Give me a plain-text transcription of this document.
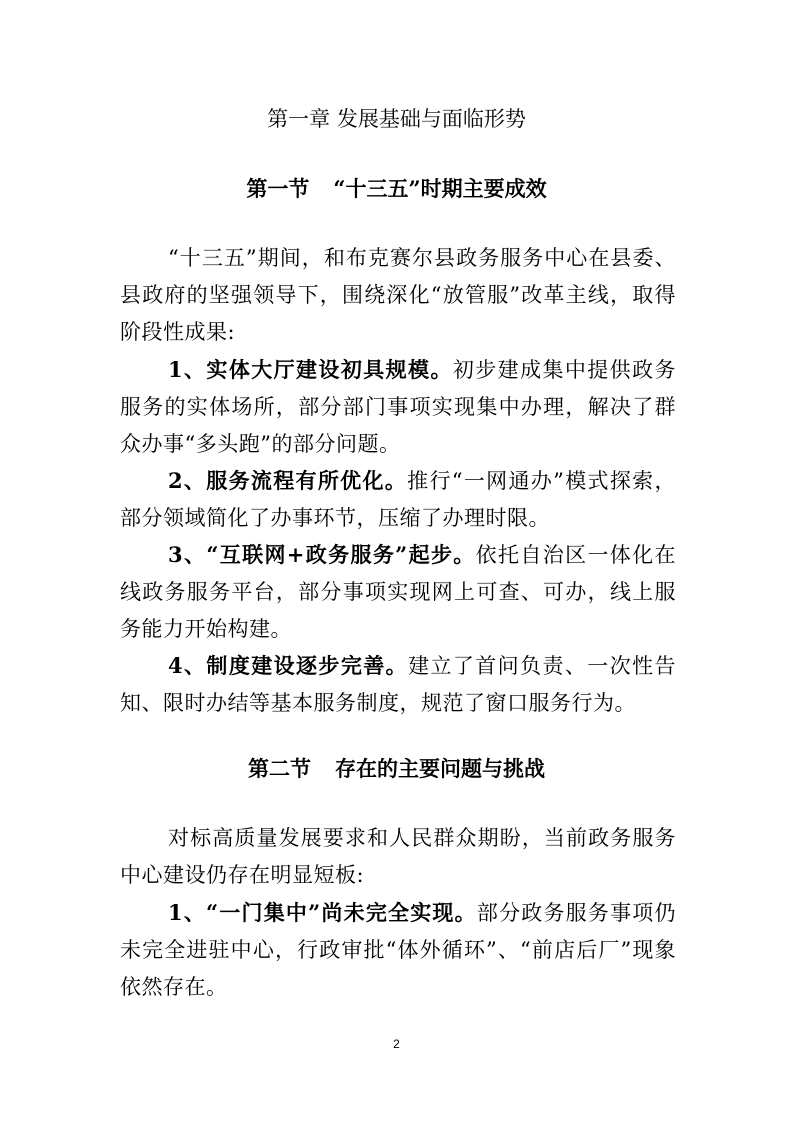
第一章 发展基础与面临形势
第一节 “十三五”时期主要成效

“十三五”期间，和布克赛尔县政务服务中心在县委、县政府的坚强领导下，围绕深化“放管服”改革主线，取得阶段性成果:

1、实体大厅建设初具规模。初步建成集中提供政务服务的实体场所，部分部门事项实现集中办理，解决了群众办事“多头跑”的部分问题。

2、服务流程有所优化。推行“一网通办”模式探索，部分领域简化了办事环节，压缩了办理时限。

3、“互联网+政务服务”起步。依托自治区一体化在线政务服务平台，部分事项实现网上可查、可办，线上服务能力开始构建。

4、制度建设逐步完善。建立了首问负责、一次性告知、限时办结等基本服务制度，规范了窗口服务行为。

第二节 存在的主要问题与挑战

对标高质量发展要求和人民群众期盼，当前政务服务中心建设仍存在明显短板:

1、“一门集中”尚未完全实现。部分政务服务事项仍未完全进驻中心，行政审批“体外循环”、“前店后厂”现象依然存在。

2
